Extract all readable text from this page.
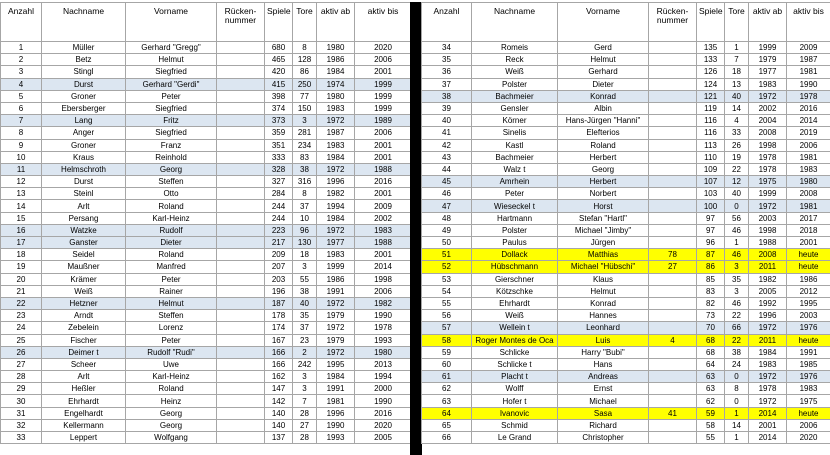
Anzahl	Nachname	Vorname	Rücken-
nummer	Spiele	Tore	aktiv ab	aktiv bis
1	Müller	Gerhard "Gregg"		680	8	1980	2020
2	Betz	Helmut		465	128	1986	2006
3	Stingl	Siegfried		420	86	1984	2001
4	Durst	Gerhard "Gerdi"		415	250	1974	1999
5	Groner	Peter		398	77	1980	1999
6	Ebersberger	Siegfried		374	150	1983	1999
7	Lang	Fritz		373	3	1972	1989
8	Anger	Siegfried		359	281	1987	2006
9	Groner	Franz		351	234	1983	2001
10	Kraus	Reinhold		333	83	1984	2001
11	Helmschroth	Georg		328	38	1972	1988
12	Durst	Steffen		327	316	1996	2016
13	Steinl	Otto		284	8	1982	2001
14	Arlt	Roland		244	37	1994	2009
15	Persang	Karl-Heinz		244	10	1984	2002
16	Watzke	Rudolf		223	96	1972	1983
17	Ganster	Dieter		217	130	1977	1988
18	Seidel	Roland		209	18	1983	2001
19	Maußner	Manfred		207	3	1999	2014
20	Krämer	Peter		203	55	1986	1998
21	Weiß	Rainer		196	38	1991	2006
22	Hetzner	Helmut		187	40	1972	1982
23	Arndt	Steffen		178	35	1979	1990
24	Zebelein	Lorenz		174	37	1972	1978
25	Fischer	Peter		167	23	1979	1993
26	Deimer t	Rudolf "Rudi"		166	2	1972	1980
27	Scheer	Uwe		166	242	1995	2013
28	Arlt	Karl-Heinz		162	3	1984	1994
29	Heßler	Roland		147	3	1991	2000
30	Ehrhardt	Heinz		142	7	1981	1990
31	Engelhardt	Georg		140	28	1996	2016
32	Kellermann	Georg		140	27	1990	2020
33	Leppert	Wolfgang		137	28	1993	2005
Anzahl	Nachname	Vorname	Rücken-
nummer	Spiele	Tore	aktiv ab	aktiv bis
34	Romeis	Gerd		135	1	1999	2009
35	Reck	Helmut		133	7	1979	1987
36	Weiß	Gerhard		126	18	1977	1981
37	Polster	Dieter		124	13	1983	1990
38	Bachmeier	Konrad		121	40	1972	1978
39	Gensler	Albin		119	14	2002	2016
40	Körner	Hans-Jürgen "Hanni"		116	4	2004	2014
41	Sinelis	Elefterios		116	33	2008	2019
42	Kastl	Roland		113	26	1998	2006
43	Bachmeier	Herbert		110	19	1978	1981
44	Walz t	Georg		109	22	1978	1983
45	Amrhein	Herbert		107	12	1975	1980
46	Peter	Norbert		103	40	1999	2008
47	Wieseckel t	Horst		100	0	1972	1981
48	Hartmann	Stefan "Hartl"		97	56	2003	2017
49	Polster	Michael "Jimby"		97	46	1998	2018
50	Paulus	Jürgen		96	1	1988	2001
51	Dollack	Matthias	78	87	46	2008	heute
52	Hübschmann	Michael "Hübschi"	27	86	3	2011	heute
53	Gierschner	Klaus		85	35	1982	1986
54	Kötzschke	Helmut		83	3	2005	2012
55	Ehrhardt	Konrad		82	46	1992	1995
56	Weiß	Hannes		73	22	1996	2003
57	Wellein t	Leonhard		70	66	1972	1976
58	Roger Montes de Oca	Luis	4	68	22	2011	heute
59	Schlicke	Harry "Bubi"		68	38	1984	1991
60	Schlicke t	Hans		64	24	1983	1985
61	Placht t	Andreas		63	0	1972	1976
62	Wolff	Ernst		63	8	1978	1983
63	Hofer t	Michael		62	0	1972	1975
64	Ivanovic	Sasa	41	59	1	2014	heute
65	Schmid	Richard		58	14	2001	2006
66	Le Grand	Christopher		55	1	2014	2020
